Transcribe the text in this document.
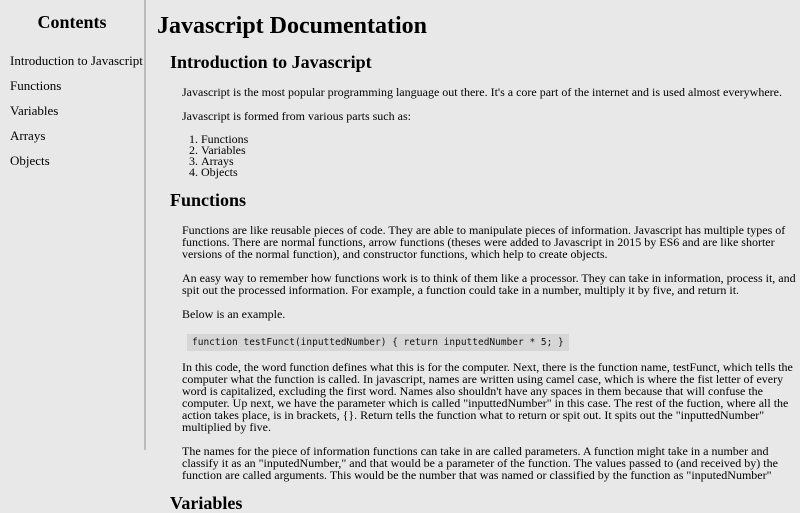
Contents
Introduction to Javascript
Functions
Variables
Arrays
Objects
Javascript Documentation
Introduction to Javascript

Javascript is the most popular programming language out there. It's a core part of the internet and is used almost everywhere.

Javascript is formed from various parts such as:

1. Functions
2. Variables
3. Arrays
4. Objects
Functions

Functions are like reusable pieces of code. They are able to manipulate pieces of information. Javascript has multiple types of functions. There are normal functions, arrow functions (theses were added to Javascript in 2015 by ES6 and are like shorter versions of the normal function), and constructor functions, which help to create objects.

An easy way to remember how functions work is to think of them like a processor. They can take in information, process it, and spit out the processed information. For example, a function could take in a number, multiply it by five, and return it.

Below is an example.

function testFunct(inputtedNumber) { return inputtedNumber * 5; }

In this code, the word function defines what this is for the computer. Next, there is the function name, testFunct, which tells the computer what the function is called. In javascript, names are written using camel case, which is where the fist letter of every word is capitalized, excluding the first word. Names also shouldn't have any spaces in them because that will confuse the computer. Up next, we have the parameter which is called "inputtedNumber" in this case. The rest of the fuction, where all the action takes place, is in brackets, {}. Return tells the function what to return or spit out. It spits out the "inputtedNumber" multiplied by five.

The names for the piece of information functions can take in are called parameters. A function might take in a number and classify it as an "inputedNumber," and that would be a parameter of the function. The values passed to (and received by) the function are called arguments. This would be the number that was named or classified by the function as "inputedNumber"

Variables
